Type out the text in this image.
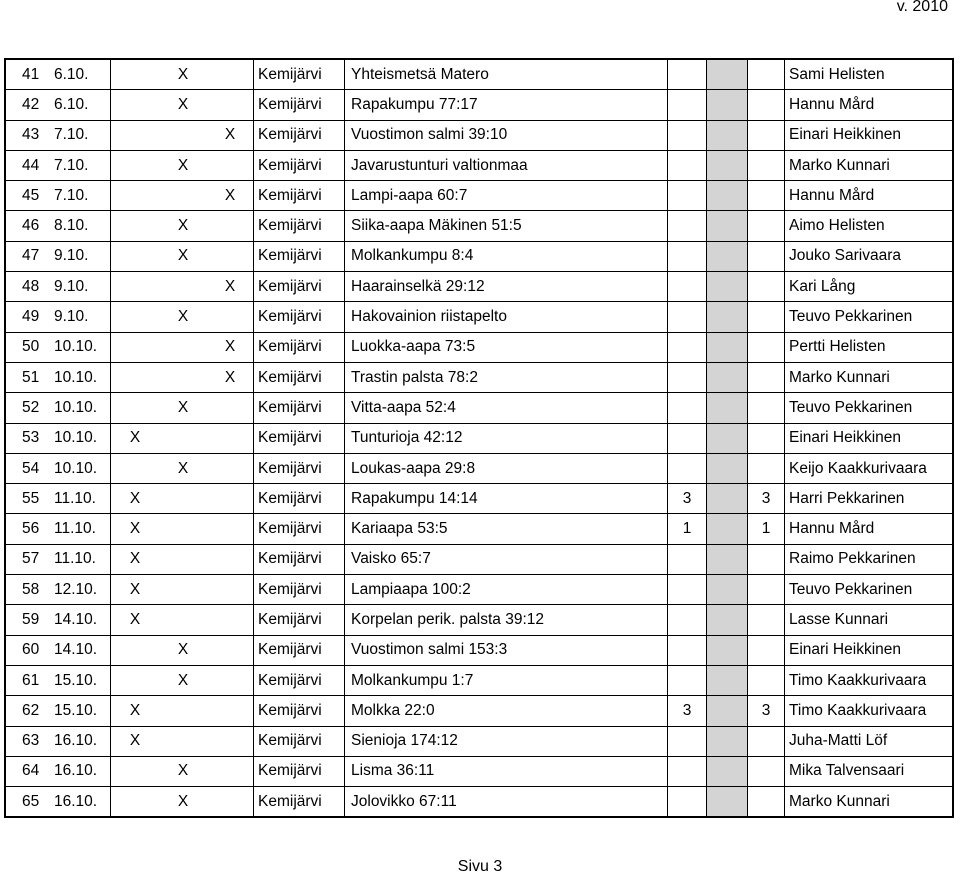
v. 2010
41	6.10.		X		Kemijärvi	Yhteismetsä Matero				Sami Helisten
42	6.10.		X		Kemijärvi	Rapakumpu 77:17				Hannu Mård
43	7.10.			X	Kemijärvi	Vuostimon salmi 39:10				Einari Heikkinen
44	7.10.		X		Kemijärvi	Javarustunturi valtionmaa				Marko Kunnari
45	7.10.			X	Kemijärvi	Lampi-aapa 60:7				Hannu Mård
46	8.10.		X		Kemijärvi	Siika-aapa Mäkinen 51:5				Aimo Helisten
47	9.10.		X		Kemijärvi	Molkankumpu 8:4				Jouko Sarivaara
48	9.10.			X	Kemijärvi	Haarainselkä 29:12				Kari Lång
49	9.10.		X		Kemijärvi	Hakovainion riistapelto				Teuvo Pekkarinen
50	10.10.			X	Kemijärvi	Luokka-aapa 73:5				Pertti Helisten
51	10.10.			X	Kemijärvi	Trastin palsta 78:2				Marko Kunnari
52	10.10.		X		Kemijärvi	Vitta-aapa 52:4				Teuvo Pekkarinen
53	10.10.	X			Kemijärvi	Tunturioja 42:12				Einari Heikkinen
54	10.10.		X		Kemijärvi	Loukas-aapa 29:8				Keijo Kaakkurivaara
55	11.10.	X			Kemijärvi	Rapakumpu 14:14	3		3	Harri Pekkarinen
56	11.10.	X			Kemijärvi	Kariaapa 53:5	1		1	Hannu Mård
57	11.10.	X			Kemijärvi	Vaisko 65:7				Raimo Pekkarinen
58	12.10.	X			Kemijärvi	Lampiaapa 100:2				Teuvo Pekkarinen
59	14.10.	X			Kemijärvi	Korpelan perik. palsta 39:12				Lasse Kunnari
60	14.10.		X		Kemijärvi	Vuostimon salmi 153:3				Einari Heikkinen
61	15.10.		X		Kemijärvi	Molkankumpu 1:7				Timo Kaakkurivaara
62	15.10.	X			Kemijärvi	Molkka 22:0	3		3	Timo Kaakkurivaara
63	16.10.	X			Kemijärvi	Sienioja 174:12				Juha-Matti Löf
64	16.10.		X		Kemijärvi	Lisma 36:11				Mika Talvensaari
65	16.10.		X		Kemijärvi	Jolovikko 67:11				Marko Kunnari
Sivu 3
